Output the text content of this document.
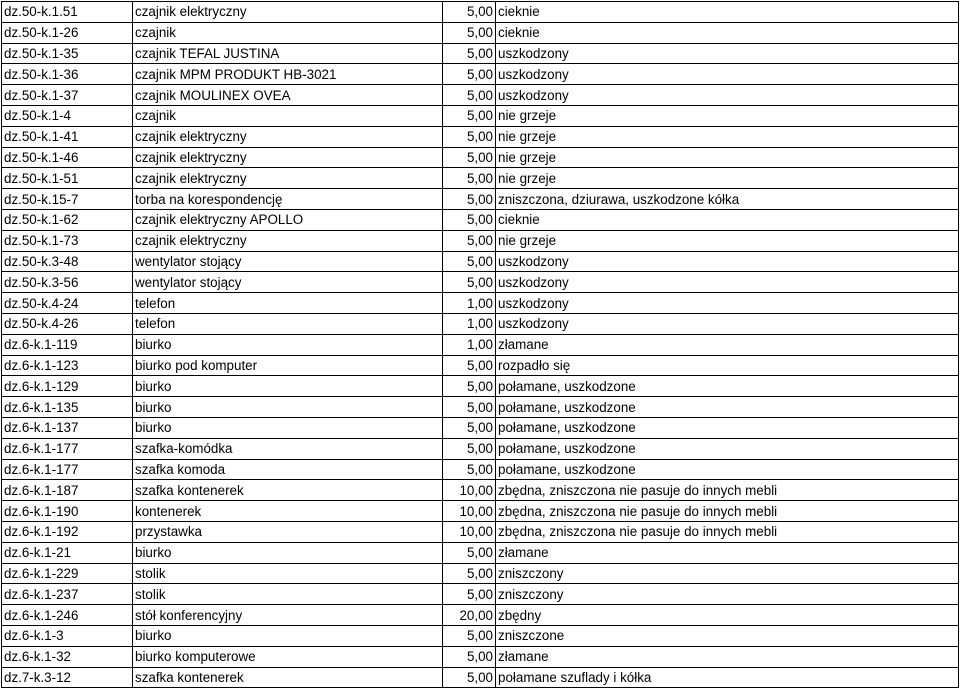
dz.50-k.1.51	czajnik elektryczny	5,00	cieknie
dz.50-k.1-26	czajnik	5,00	cieknie
dz.50-k.1-35	czajnik TEFAL JUSTINA	5,00	uszkodzony
dz.50-k.1-36	czajnik MPM PRODUKT HB-3021	5,00	uszkodzony
dz.50-k.1-37	czajnik MOULINEX OVEA	5,00	uszkodzony
dz.50-k.1-4	czajnik	5,00	nie grzeje
dz.50-k.1-41	czajnik elektryczny	5,00	nie grzeje
dz.50-k.1-46	czajnik elektryczny	5,00	nie grzeje
dz.50-k.1-51	czajnik elektryczny	5,00	nie grzeje
dz.50-k.15-7	torba na korespondencję	5,00	zniszczona, dziurawa, uszkodzone kółka
dz.50-k.1-62	czajnik elektryczny APOLLO	5,00	cieknie
dz.50-k.1-73	czajnik elektryczny	5,00	nie grzeje
dz.50-k.3-48	wentylator stojący	5,00	uszkodzony
dz.50-k.3-56	wentylator stojący	5,00	uszkodzony
dz.50-k.4-24	telefon	1,00	uszkodzony
dz.50-k.4-26	telefon	1,00	uszkodzony
dz.6-k.1-119	biurko	1,00	złamane
dz.6-k.1-123	biurko pod komputer	5,00	rozpadło się
dz.6-k.1-129	biurko	5,00	połamane, uszkodzone
dz.6-k.1-135	biurko	5,00	połamane, uszkodzone
dz.6-k.1-137	biurko	5,00	połamane, uszkodzone
dz.6-k.1-177	szafka-komódka	5,00	połamane, uszkodzone
dz.6-k.1-177	szafka komoda	5,00	połamane, uszkodzone
dz.6-k.1-187	szafka kontenerek	10,00	zbędna, zniszczona nie pasuje do innych mebli
dz.6-k.1-190	kontenerek	10,00	zbędna, zniszczona nie pasuje do innych mebli
dz.6-k.1-192	przystawka	10,00	zbędna, zniszczona nie pasuje do innych mebli
dz.6-k.1-21	biurko	5,00	złamane
dz.6-k.1-229	stolik	5,00	zniszczony
dz.6-k.1-237	stolik	5,00	zniszczony
dz.6-k.1-246	stół konferencyjny	20,00	zbędny
dz.6-k.1-3	biurko	5,00	zniszczone
dz.6-k.1-32	biurko komputerowe	5,00	złamane
dz.7-k.3-12	szafka kontenerek	5,00	połamane szuflady i kółka
